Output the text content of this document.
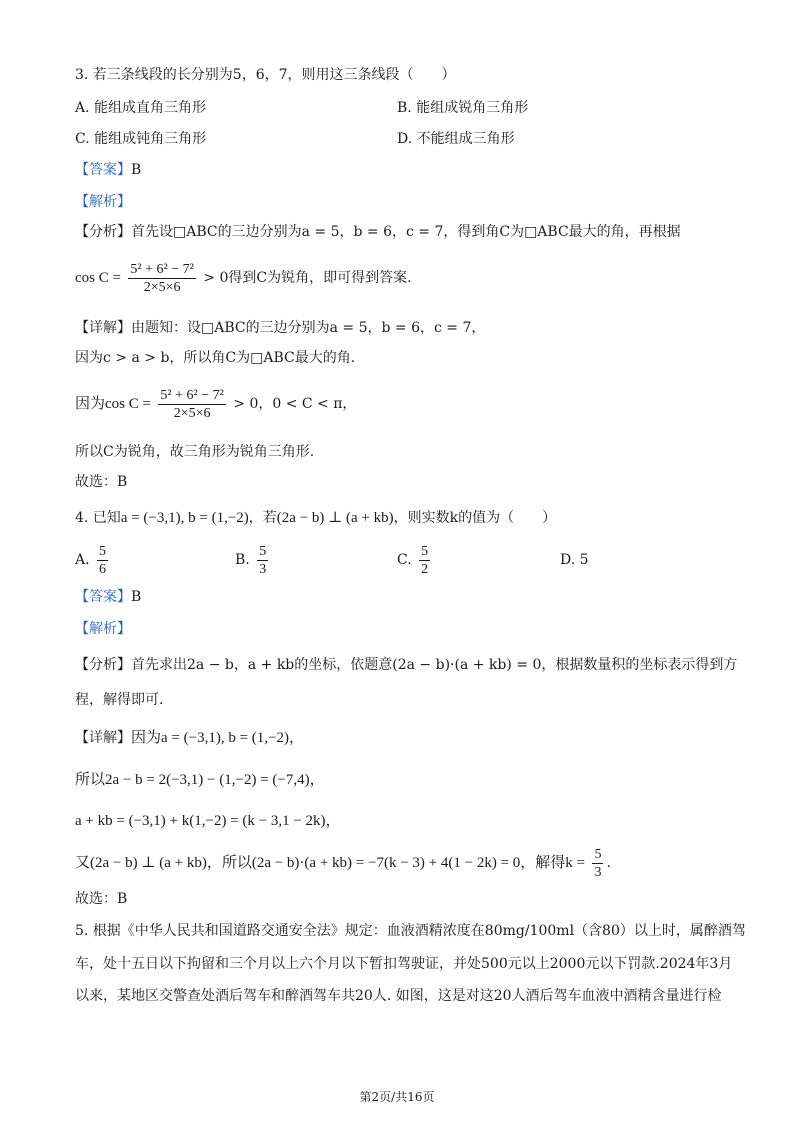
3. 若三条线段的长分别为5，6，7，则用这三条线段（　　）
A. 能组成直角三角形	B. 能组成锐角三角形
C. 能组成钝角三角形	D. 不能组成三角形
【答案】B
【解析】
【分析】首先设□ABC的三边分别为a = 5，b = 6，c = 7，得到角C为□ABC最大的角，再根据
$\cos C = \frac{\text{5² + 6² − 7²}}{2\times 5\times 6} > 0$得到C为锐角，即可得到答案.
【详解】由题知：设□ABC的三边分别为a = 5，b = 6，c = 7，
因为c > a > b，所以角C为□ABC最大的角.
因为$\cos C = \frac{\text{5² + 6² − 7²}}{2\times 5\times 6} > 0$，0 < C < π，
所以C为锐角，故三角形为锐角三角形.
故选：B
4. 已知a = (−3,1), b = (1,−2)，若(2a − b) ⊥ (a + kb)，则实数k的值为（　　）
A. $\frac{5}{6}$	B. $\frac{5}{3}$	C. $\frac{5}{2}$	D. 5
【答案】B
【解析】
【分析】首先求出2a − b，a + kb的坐标，依题意(2a − b)·(a + kb) = 0，根据数量积的坐标表示得到方
程，解得即可.
【详解】因为a = (−3,1), b = (1,−2)，
所以2a − b = 2(−3,1) − (1,−2) = (−7,4)，
a + kb = (−3,1) + k(1,−2) = (k − 3,1 − 2k)，
又(2a − b) ⊥ (a + kb)，所以(2a − b)·(a + kb) = −7(k − 3) + 4(1 − 2k) = 0，解得$k = \frac{5}{3}$ .
故选：B
5. 根据《中华人民共和国道路交通安全法》规定：血液酒精浓度在80mg/100ml（含80）以上时，属醉酒驾
车，处十五日以下拘留和三个月以上六个月以下暂扣驾驶证，并处500元以上2000元以下罚款.2024年3月
以来，某地区交警查处酒后驾车和醉酒驾车共20人. 如图，这是对这20人酒后驾车血液中酒精含量进行检
第2页/共16页
